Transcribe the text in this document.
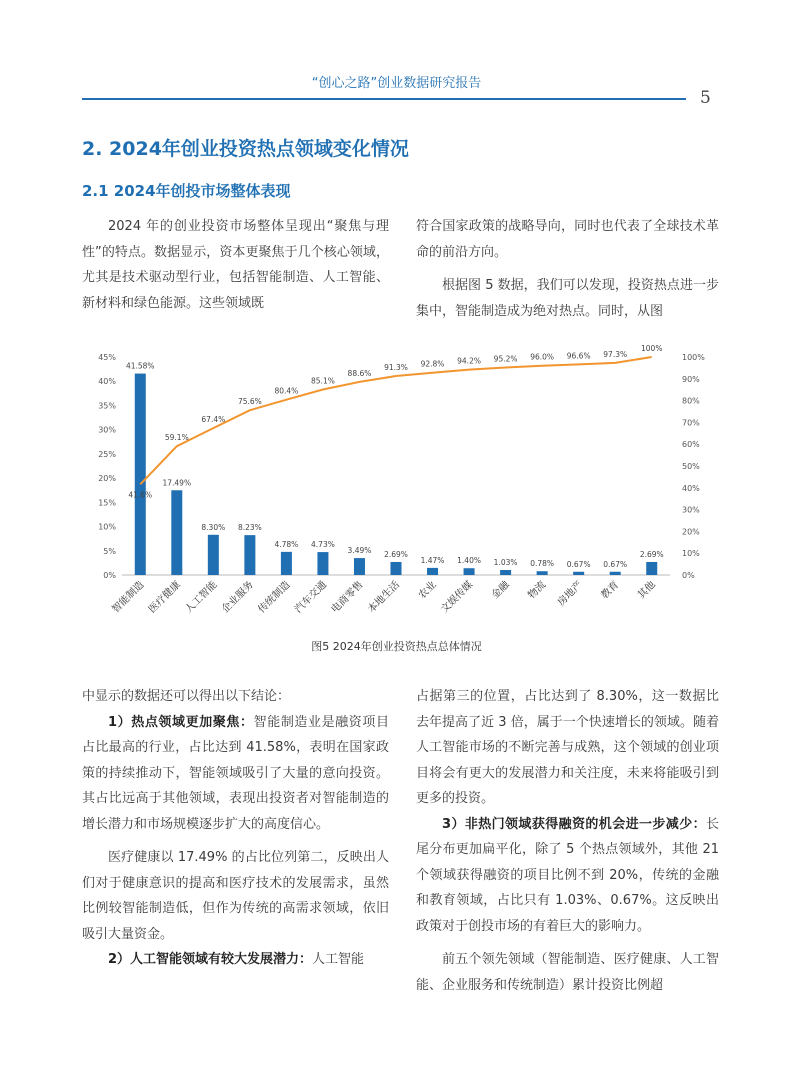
“创心之路”创业数据研究报告
5
2. 2024年创业投资热点领域变化情况
2.1 2024年创投市场整体表现

2024 年的创业投资市场整体呈现出“聚焦与理性”的特点。数据显示，资本更聚焦于几个核心领域，尤其是技术驱动型行业，包括智能制造、人工智能、新材料和绿色能源。这些领域既

符合国家政策的战略导向，同时也代表了全球技术革命的前沿方向。

根据图 5 数据，我们可以发现，投资热点进一步集中，智能制造成为绝对热点。同时，从图

0%
5%
10%
15%
20%
25%
30%
35%
40%
45%
0%
10%
20%
30%
40%
50%
60%
70%
80%
90%
100%
41.58%
17.49%
8.30% 8.23%
4.78% 4.73%
3.49% 2.69%
1.47% 1.40% 1.03% 0.78% 0.67% 0.67%
2.69%
41.6%
59.1%
67.4%
75.6%
80.4%
85.1%
88.6%
91.3% 92.8% 94.2% 95.2% 96.0% 96.6% 97.3%
100%
智能制造 医疗健康 人工智能 企业服务 传统制造 汽车交通 电商零售 本地生活 农业 文娱传媒 金融 物流 房地产 教育 其他
图5 2024年创业投资热点总体情况

中显示的数据还可以得出以下结论：

1）热点领域更加聚焦：智能制造业是融资项目占比最高的行业，占比达到 41.58%，表明在国家政策的持续推动下，智能领域吸引了大量的意向投资。其占比远高于其他领域，表现出投资者对智能制造的增长潜力和市场规模逐步扩大的高度信心。

医疗健康以 17.49% 的占比位列第二，反映出人们对于健康意识的提高和医疗技术的发展需求，虽然比例较智能制造低，但作为传统的高需求领域，依旧吸引大量资金。

2）人工智能领域有较大发展潜力：人工智能

占据第三的位置，占比达到了 8.30%，这一数据比去年提高了近 3 倍，属于一个快速增长的领域。随着人工智能市场的不断完善与成熟，这个领域的创业项目将会有更大的发展潜力和关注度，未来将能吸引到更多的投资。

3）非热门领域获得融资的机会进一步减少：长尾分布更加扁平化，除了 5 个热点领域外，其他 21 个领域获得融资的项目比例不到 20%，传统的金融和教育领域，占比只有 1.03%、0.67%。这反映出政策对于创投市场的有着巨大的影响力。

前五个领先领域（智能制造、医疗健康、人工智能、企业服务和传统制造）累计投资比例超
